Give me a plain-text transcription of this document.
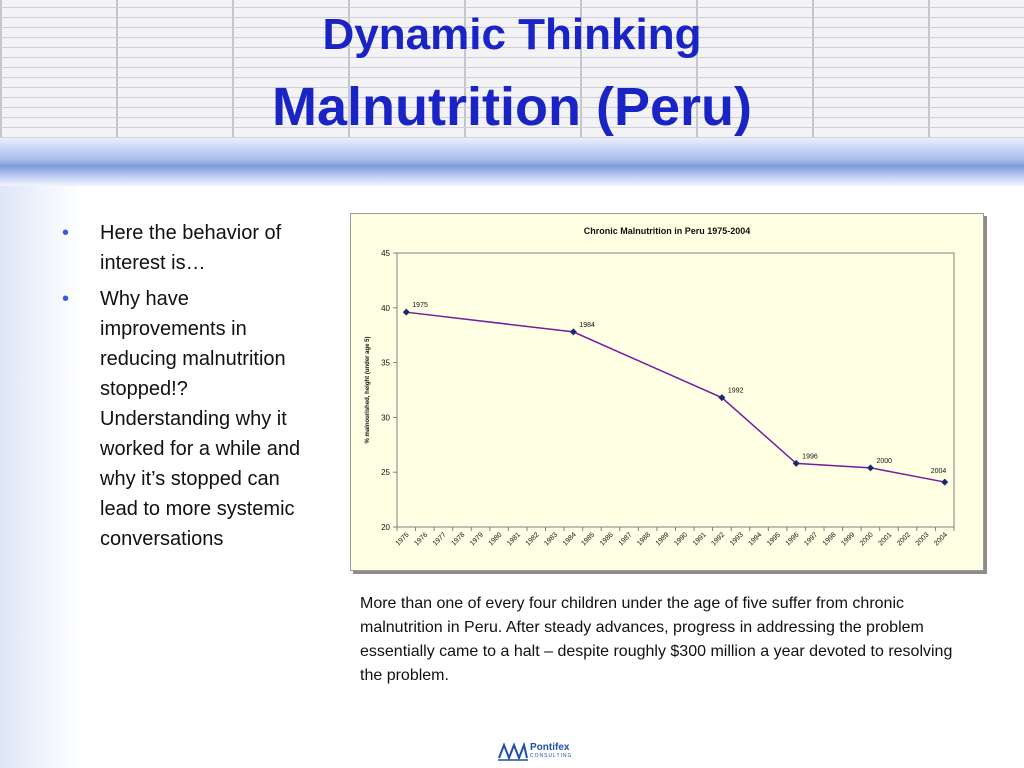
Dynamic Thinking
Malnutrition (Peru)
• Here the behavior of interest is…
• Why have improvements in reducing malnutrition stopped!? Understanding why it worked for a while and why it’s stopped can lead to more systemic conversations
Chronic Malnutrition in Peru 1975-2004
% malnourished, height (under age 5)
20
25
30
35
40
45
1975 1976 1977 1978 1979 1980 1981 1982 1983 1984 1985 1986 1987 1988 1989 1990 1991 1992 1993 1994 1995 1996 1997 1998 1999 2000 2001 2002 2003 2004
1975
1984
1992
1996
2000
2004

More than one of every four children under the age of five suffer from chronic malnutrition in Peru. After steady advances, progress in addressing the problem essentially came to a halt – despite roughly $300 million a year devoted to resolving the problem.

Pontifex
CONSULTING
